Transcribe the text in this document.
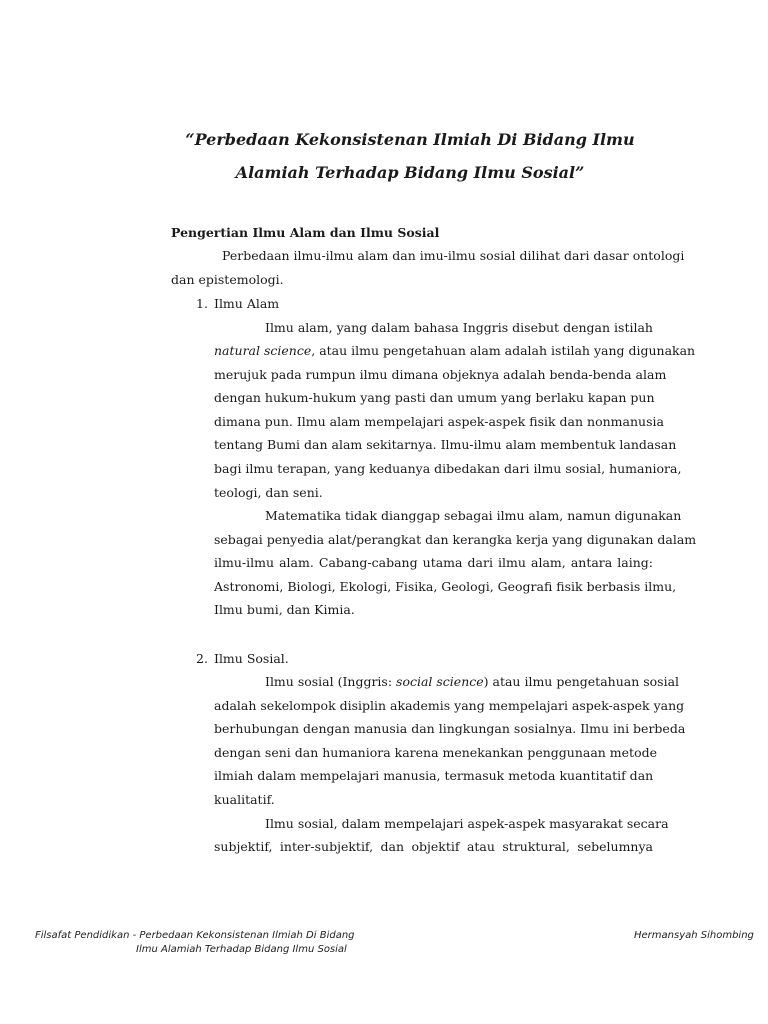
“Perbedaan Kekonsistenan Ilmiah Di Bidang Ilmu
Alamiah Terhadap Bidang Ilmu Sosial”
Pengertian Ilmu Alam dan Ilmu Sosial
Perbedaan ilmu-ilmu alam dan imu-ilmu sosial dilihat dari dasar ontologi
dan epistemologi.
1. Ilmu Alam
Ilmu alam, yang dalam bahasa Inggris disebut dengan istilah
natural science, atau ilmu pengetahuan alam adalah istilah yang digunakan
merujuk pada rumpun ilmu dimana objeknya adalah benda-benda alam
dengan hukum-hukum yang pasti dan umum yang berlaku kapan pun
dimana pun. Ilmu alam mempelajari aspek-aspek fisik dan nonmanusia
tentang Bumi dan alam sekitarnya. Ilmu-ilmu alam membentuk landasan
bagi ilmu terapan, yang keduanya dibedakan dari ilmu sosial, humaniora,
teologi, dan seni.
Matematika tidak dianggap sebagai ilmu alam, namun digunakan
sebagai penyedia alat/perangkat dan kerangka kerja yang digunakan dalam
ilmu-ilmu alam. Cabang-cabang utama dari ilmu alam, antara laing:
Astronomi, Biologi, Ekologi, Fisika, Geologi, Geografi fisik berbasis ilmu,
Ilmu bumi, dan Kimia.
2. Ilmu Sosial.
Ilmu sosial (Inggris: social science) atau ilmu pengetahuan sosial
adalah sekelompok disiplin akademis yang mempelajari aspek-aspek yang
berhubungan dengan manusia dan lingkungan sosialnya. Ilmu ini berbeda
dengan seni dan humaniora karena menekankan penggunaan metode
ilmiah dalam mempelajari manusia, termasuk metoda kuantitatif dan
kualitatif.
Ilmu sosial, dalam mempelajari aspek-aspek masyarakat secara
subjektif, inter-subjektif, dan objektif atau struktural, sebelumnya
Filsafat Pendidikan - Perbedaan Kekonsistenan Ilmiah Di Bidang
Ilmu Alamiah Terhadap Bidang Ilmu Sosial
Hermansyah Sihombing
